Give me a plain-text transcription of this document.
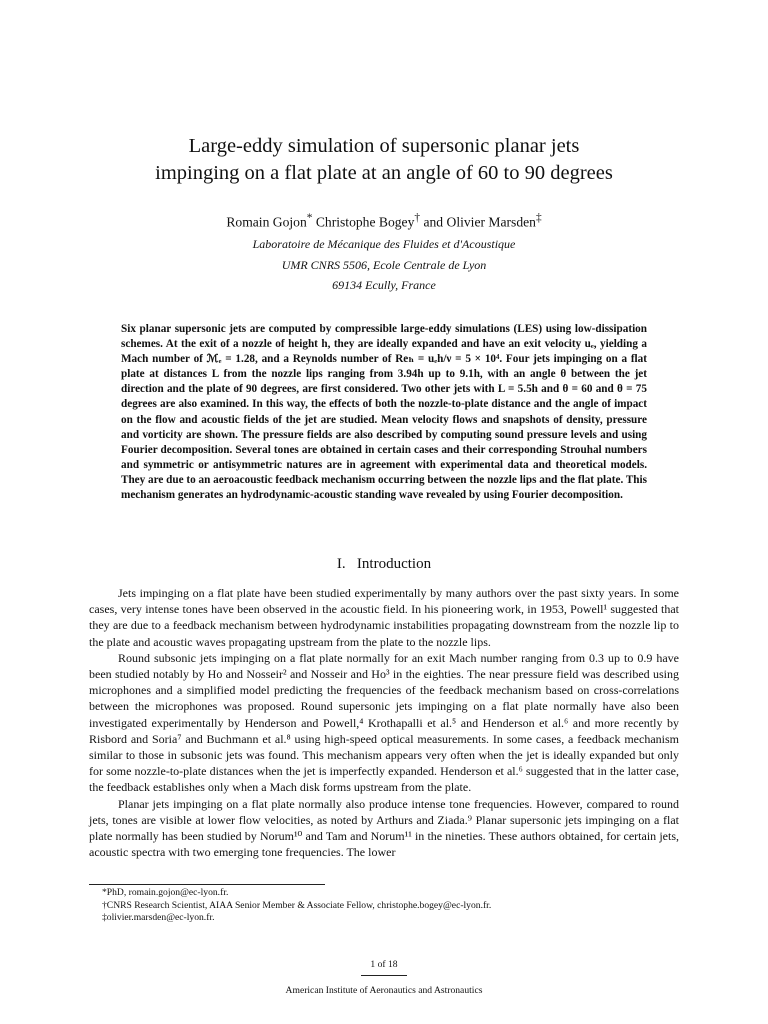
Large-eddy simulation of supersonic planar jets
impinging on a flat plate at an angle of 60 to 90 degrees
Romain Gojon* Christophe Bogey† and Olivier Marsden‡
Laboratoire de Mécanique des Fluides et d'Acoustique
UMR CNRS 5506, Ecole Centrale de Lyon
69134 Ecully, France
Six planar supersonic jets are computed by compressible large-eddy simulations (LES) using low-dissipation schemes. At the exit of a nozzle of height h, they are ideally expanded and have an exit velocity uₑ, yielding a Mach number of ℳₑ = 1.28, and a Reynolds number of Reₕ = uₑh/ν = 5 × 10⁴. Four jets impinging on a flat plate at distances L from the nozzle lips ranging from 3.94h up to 9.1h, with an angle θ between the jet direction and the plate of 90 degrees, are first considered. Two other jets with L = 5.5h and θ = 60 and θ = 75 degrees are also examined. In this way, the effects of both the nozzle-to-plate distance and the angle of impact on the flow and acoustic fields of the jet are studied. Mean velocity flows and snapshots of density, pressure and vorticity are shown. The pressure fields are also described by computing sound pressure levels and using Fourier decomposition. Several tones are obtained in certain cases and their corresponding Strouhal numbers and symmetric or antisymmetric natures are in agreement with experimental data and theoretical models. They are due to an aeroacoustic feedback mechanism occurring between the nozzle lips and the flat plate. This mechanism generates an hydrodynamic-acoustic standing wave revealed by using Fourier decomposition.
I. Introduction

Jets impinging on a flat plate have been studied experimentally by many authors over the past sixty years. In some cases, very intense tones have been observed in the acoustic field. In his pioneering work, in 1953, Powell¹ suggested that they are due to a feedback mechanism between hydrodynamic instabilities propagating downstream from the nozzle lip to the plate and acoustic waves propagating upstream from the plate to the nozzle lips.

Round subsonic jets impinging on a flat plate normally for an exit Mach number ranging from 0.3 up to 0.9 have been studied notably by Ho and Nosseir² and Nosseir and Ho³ in the eighties. The near pressure field was described using microphones and a simplified model predicting the frequencies of the feedback mechanism based on cross-correlations between the microphones was proposed. Round supersonic jets impinging on a flat plate normally have also been investigated experimentally by Henderson and Powell,⁴ Krothapalli et al.⁵ and Henderson et al.⁶ and more recently by Risbord and Soria⁷ and Buchmann et al.⁸ using high-speed optical measurements. In some cases, a feedback mechanism similar to those in subsonic jets was found. This mechanism appears very often when the jet is ideally expanded but only for some nozzle-to-plate distances when the jet is imperfectly expanded. Henderson et al.⁶ suggested that in the latter case, the feedback establishes only when a Mach disk forms upstream from the plate.

Planar jets impinging on a flat plate normally also produce intense tone frequencies. However, compared to round jets, tones are visible at lower flow velocities, as noted by Arthurs and Ziada.⁹ Planar supersonic jets impinging on a flat plate normally has been studied by Norum¹⁰ and Tam and Norum¹¹ in the nineties. These authors obtained, for certain jets, acoustic spectra with two emerging tone frequencies. The lower

*PhD, romain.gojon@ec-lyon.fr.
†CNRS Research Scientist, AIAA Senior Member & Associate Fellow, christophe.bogey@ec-lyon.fr.
‡olivier.marsden@ec-lyon.fr.
1 of 18
American Institute of Aeronautics and Astronautics
